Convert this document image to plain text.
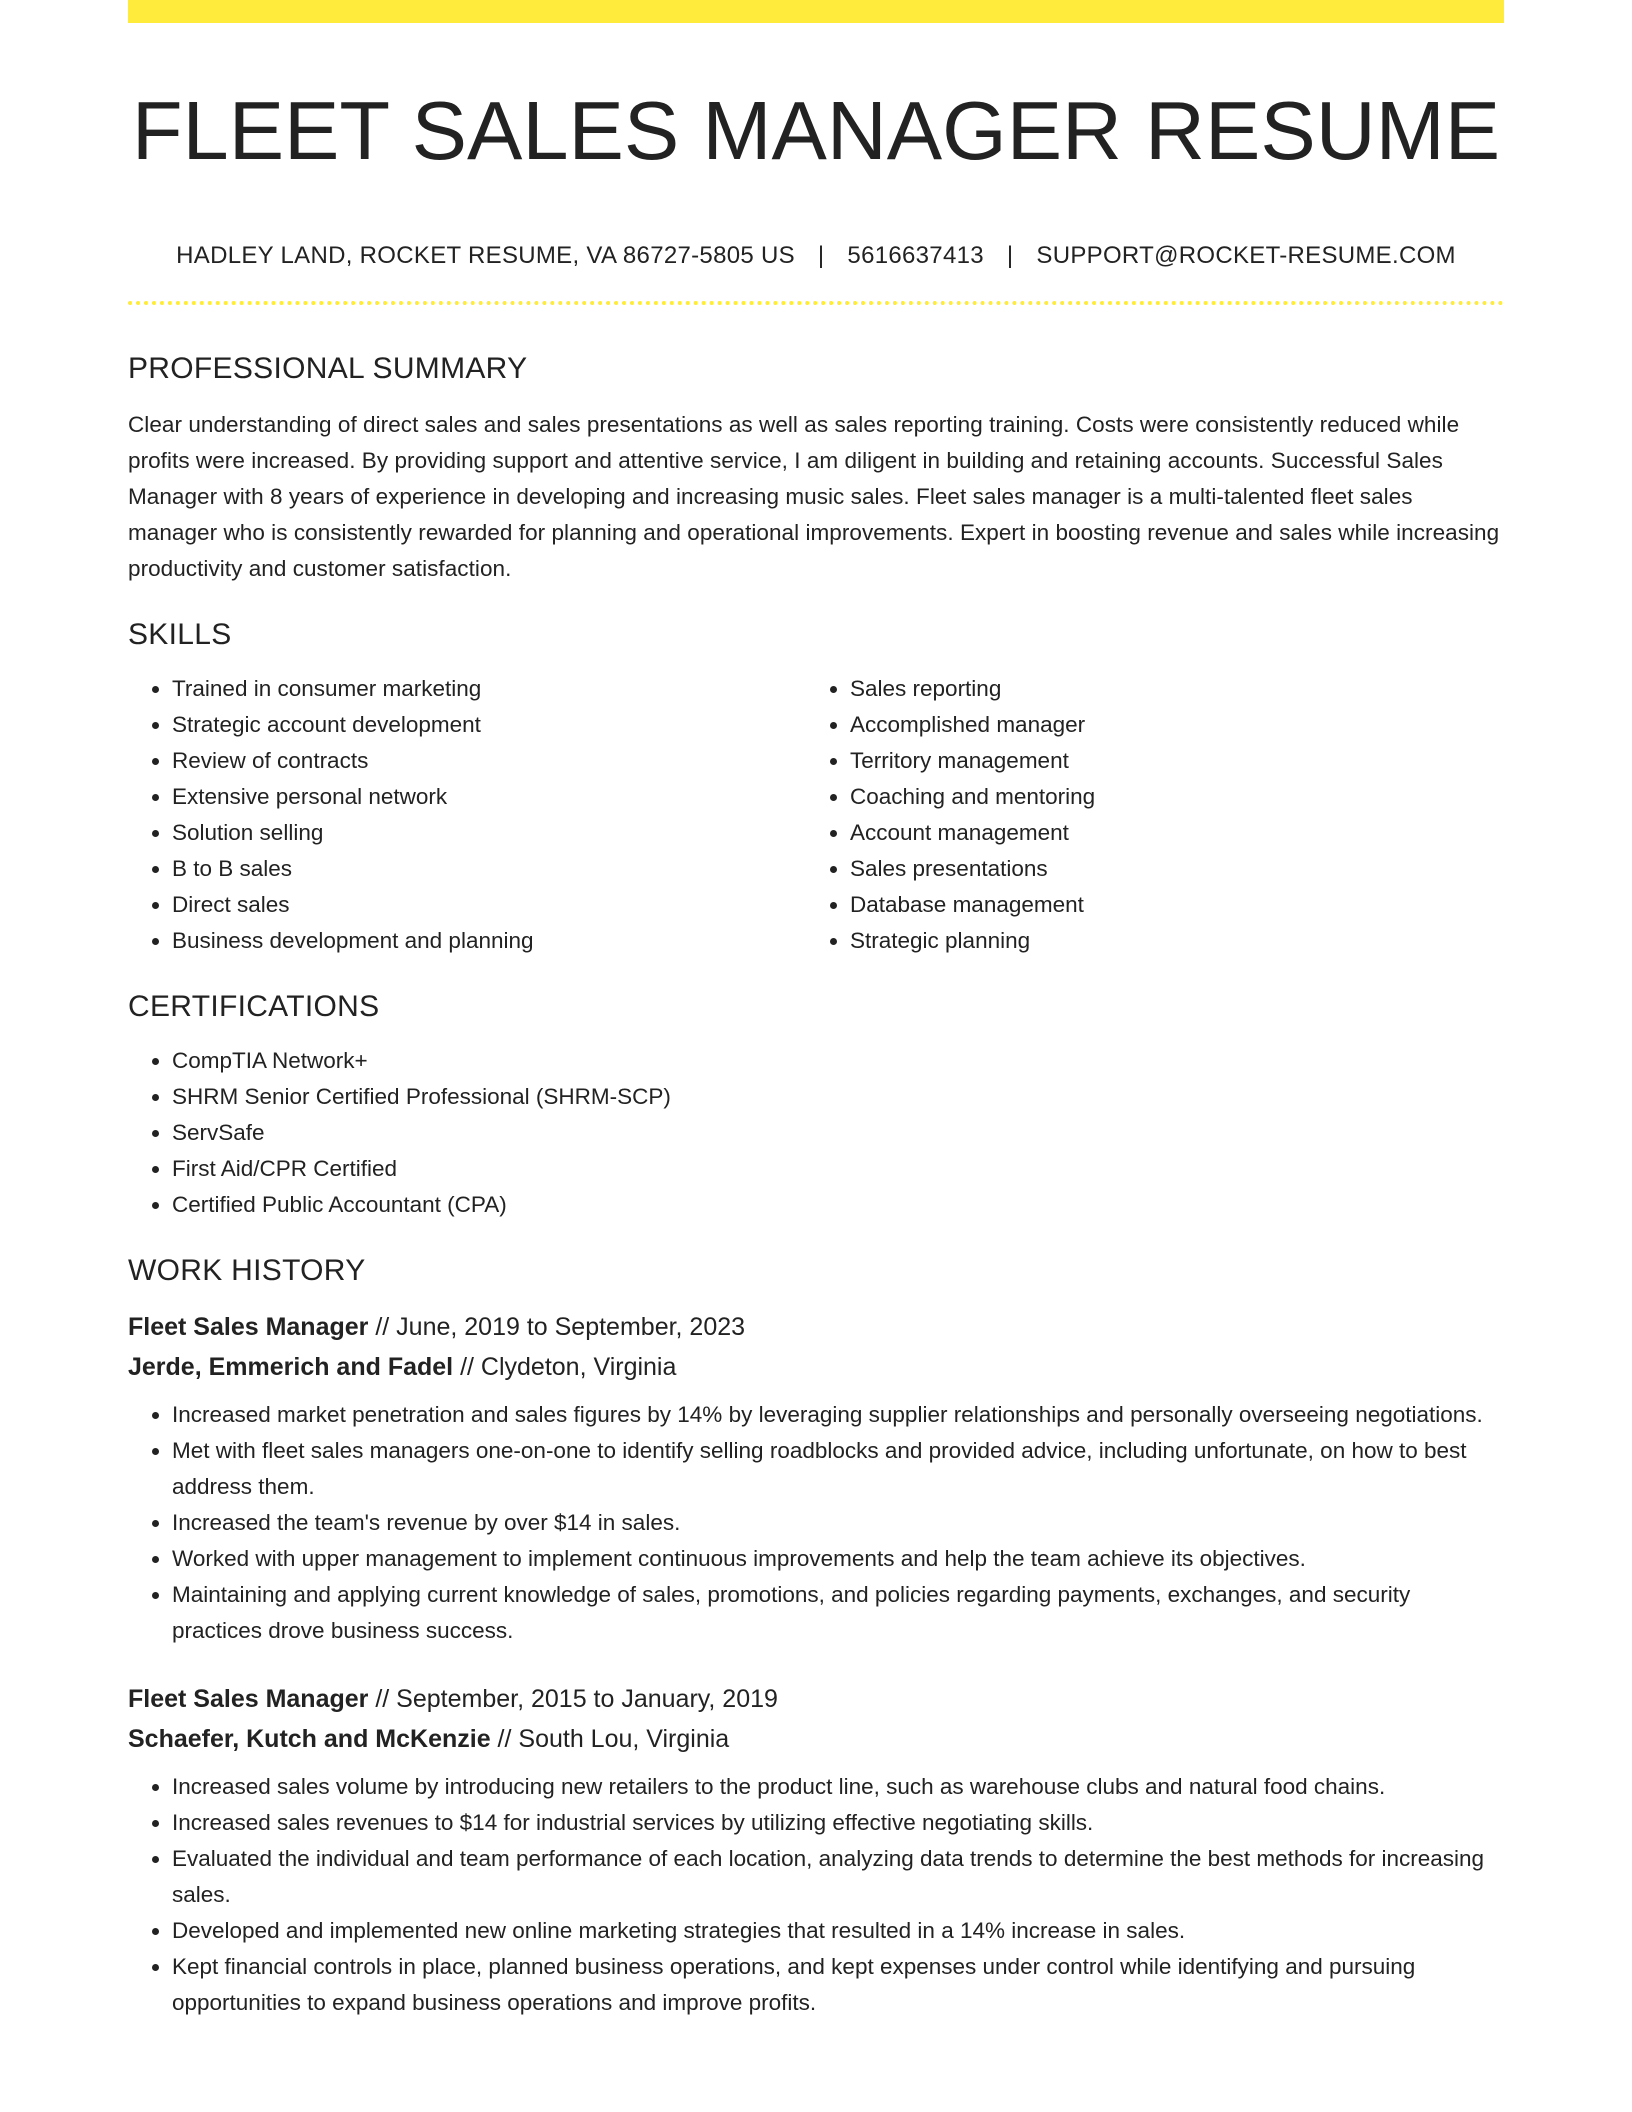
FLEET SALES MANAGER RESUME
HADLEY LAND, ROCKET RESUME, VA 86727-5805 US | 5616637413 | SUPPORT@ROCKET-RESUME.COM
PROFESSIONAL SUMMARY

Clear understanding of direct sales and sales presentations as well as sales reporting training. Costs were consistently reduced while profits were increased. By providing support and attentive service, I am diligent in building and retaining accounts. Successful Sales Manager with 8 years of experience in developing and increasing music sales. Fleet sales manager is a multi-talented fleet sales manager who is consistently rewarded for planning and operational improvements. Expert in boosting revenue and sales while increasing productivity and customer satisfaction.

SKILLS
• Trained in consumer marketing
• Strategic account development
• Review of contracts
• Extensive personal network
• Solution selling
• B to B sales
• Direct sales
• Business development and planning
• Sales reporting
• Accomplished manager
• Territory management
• Coaching and mentoring
• Account management
• Sales presentations
• Database management
• Strategic planning
CERTIFICATIONS
• CompTIA Network+
• SHRM Senior Certified Professional (SHRM-SCP)
• ServSafe
• First Aid/CPR Certified
• Certified Public Accountant (CPA)
WORK HISTORY
Fleet Sales Manager // June, 2019 to September, 2023
Jerde, Emmerich and Fadel // Clydeton, Virginia
• Increased market penetration and sales figures by 14% by leveraging supplier relationships and personally overseeing negotiations.
• Met with fleet sales managers one-on-one to identify selling roadblocks and provided advice, including unfortunate, on how to best address them.
• Increased the team's revenue by over $14 in sales.
• Worked with upper management to implement continuous improvements and help the team achieve its objectives.
• Maintaining and applying current knowledge of sales, promotions, and policies regarding payments, exchanges, and security practices drove business success.
Fleet Sales Manager // September, 2015 to January, 2019
Schaefer, Kutch and McKenzie // South Lou, Virginia
• Increased sales volume by introducing new retailers to the product line, such as warehouse clubs and natural food chains.
• Increased sales revenues to $14 for industrial services by utilizing effective negotiating skills.
• Evaluated the individual and team performance of each location, analyzing data trends to determine the best methods for increasing sales.
• Developed and implemented new online marketing strategies that resulted in a 14% increase in sales.
• Kept financial controls in place, planned business operations, and kept expenses under control while identifying and pursuing opportunities to expand business operations and improve profits.
